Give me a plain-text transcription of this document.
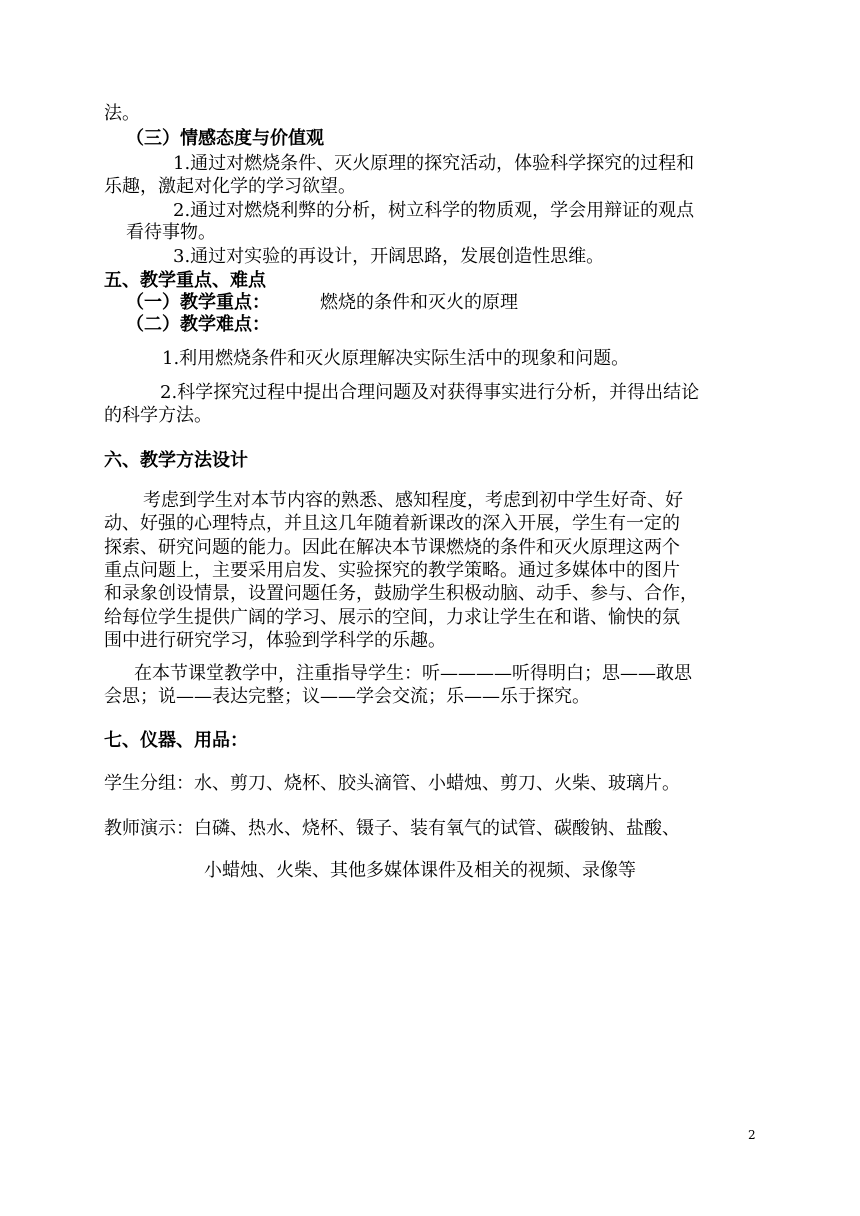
法。
（三）情感态度与价值观
1.通过对燃烧条件、灭火原理的探究活动，体验科学探究的过程和
乐趣，激起对化学的学习欲望。
2.通过对燃烧利弊的分析，树立科学的物质观，学会用辩证的观点
看待事物。
3.通过对实验的再设计，开阔思路，发展创造性思维。
五、教学重点、难点
（一）教学重点：	燃烧的条件和灭火的原理
（二）教学难点：
1.利用燃烧条件和灭火原理解决实际生活中的现象和问题。
2.科学探究过程中提出合理问题及对获得事实进行分析，并得出结论
的科学方法。
六、教学方法设计
考虑到学生对本节内容的熟悉、感知程度，考虑到初中学生好奇、好
动、好强的心理特点，并且这几年随着新课改的深入开展，学生有一定的
探索、研究问题的能力。因此在解决本节课燃烧的条件和灭火原理这两个
重点问题上，主要采用启发、实验探究的教学策略。通过多媒体中的图片
和录象创设情景，设置问题任务，鼓励学生积极动脑、动手、参与、合作，
给每位学生提供广阔的学习、展示的空间，力求让学生在和谐、愉快的氛
围中进行研究学习，体验到学科学的乐趣。
在本节课堂教学中，注重指导学生：听————听得明白；思——敢思
会思；说——表达完整；议——学会交流；乐——乐于探究。
七、仪器、用品：
学生分组：水、剪刀、烧杯、胶头滴管、小蜡烛、剪刀、火柴、玻璃片。
教师演示：白磷、热水、烧杯、镊子、装有氧气的试管、碳酸钠、盐酸、
小蜡烛、火柴、其他多媒体课件及相关的视频、录像等
2
